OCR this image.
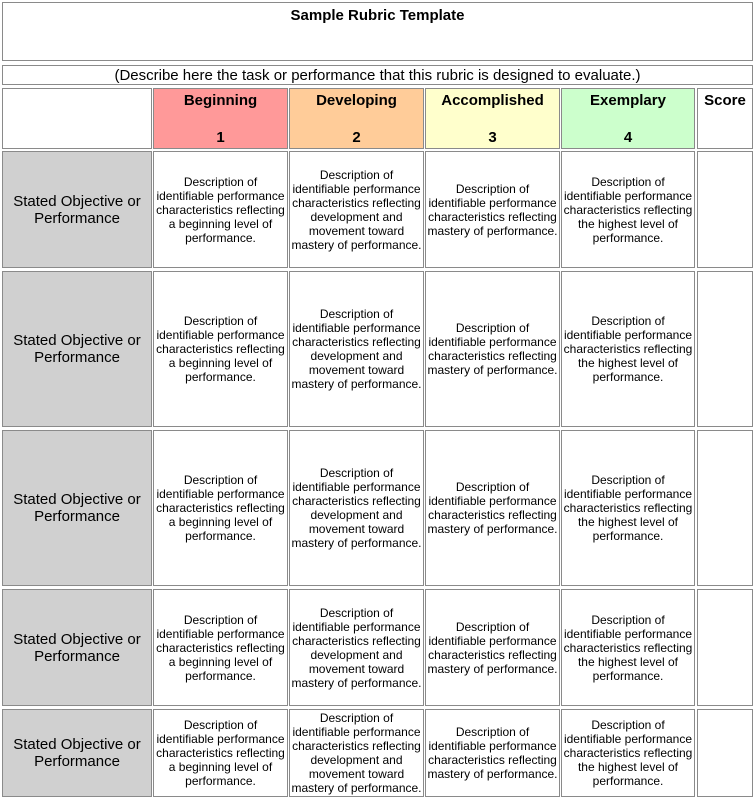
Sample Rubric Template
(Describe here the task or performance that this rubric is designed to evaluate.)
Beginning
1
Developing
2
Accomplished
3
Exemplary
4
Score
Stated Objective or Performance
Description of identifiable performance characteristics reflecting a beginning level of performance.
Description of identifiable performance characteristics reflecting development and movement toward mastery of performance.
Description of identifiable performance characteristics reflecting mastery of performance.
Description of identifiable performance characteristics reflecting the highest level of performance.
Stated Objective or Performance
Description of identifiable performance characteristics reflecting a beginning level of performance.
Description of identifiable performance characteristics reflecting development and movement toward mastery of performance.
Description of identifiable performance characteristics reflecting mastery of performance.
Description of identifiable performance characteristics reflecting the highest level of performance.
Stated Objective or Performance
Description of identifiable performance characteristics reflecting a beginning level of performance.
Description of identifiable performance characteristics reflecting development and movement toward mastery of performance.
Description of identifiable performance characteristics reflecting mastery of performance.
Description of identifiable performance characteristics reflecting the highest level of performance.
Stated Objective or Performance
Description of identifiable performance characteristics reflecting a beginning level of performance.
Description of identifiable performance characteristics reflecting development and movement toward mastery of performance.
Description of identifiable performance characteristics reflecting mastery of performance.
Description of identifiable performance characteristics reflecting the highest level of performance.
Stated Objective or Performance
Description of identifiable performance characteristics reflecting a beginning level of performance.
Description of identifiable performance characteristics reflecting development and movement toward mastery of performance.
Description of identifiable performance characteristics reflecting mastery of performance.
Description of identifiable performance characteristics reflecting the highest level of performance.
